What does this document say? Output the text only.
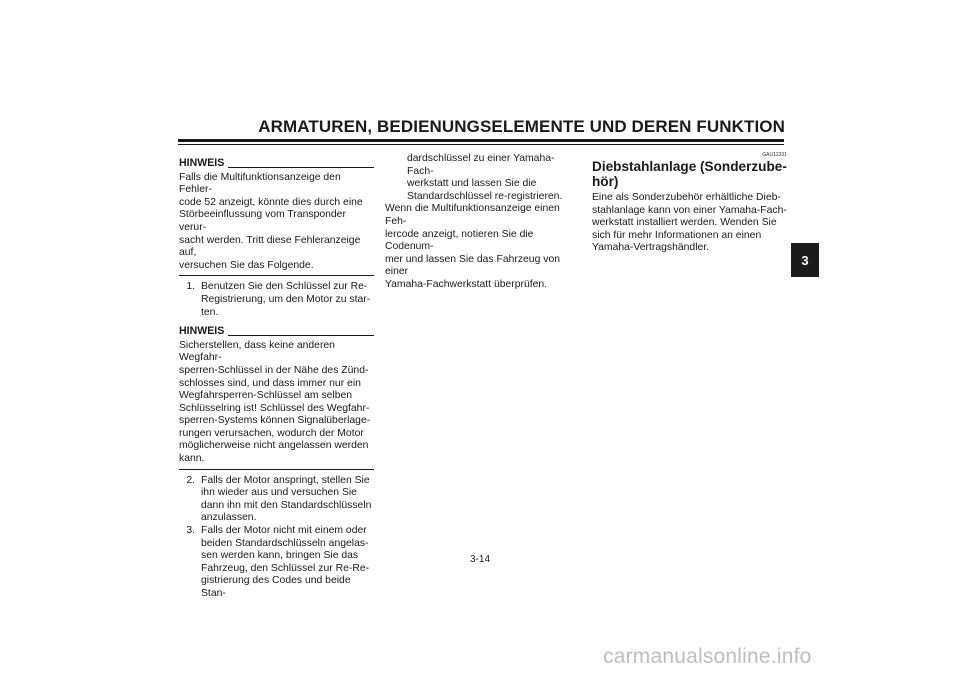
ARMATUREN, BEDIENUNGSELEMENTE UND DEREN FUNKTION
HINWEIS

Falls die Multifunktionsanzeige den Fehler-

code 52 anzeigt, könnte dies durch eine

Störbeeinflussung vom Transponder verur-

sacht werden. Tritt diese Fehleranzeige auf,

versuchen Sie das Folgende.

1. Benutzen Sie den Schlüssel zur Re-
Registrierung, um den Motor zu star-
ten.
HINWEIS

Sicherstellen, dass keine anderen Wegfahr-

sperren-Schlüssel in der Nähe des Zünd-

schlosses sind, und dass immer nur ein

Wegfahrsperren-Schlüssel am selben

Schlüsselring ist! Schlüssel des Wegfahr-

sperren-Systems können Signalüberlage-

rungen verursachen, wodurch der Motor

möglicherweise nicht angelassen werden

kann.

2. Falls der Motor anspringt, stellen Sie
ihn wieder aus und versuchen Sie
dann ihn mit den Standardschlüsseln
anzulassen.
3. Falls der Motor nicht mit einem oder
beiden Standardschlüsseln angelas-
sen werden kann, bringen Sie das
Fahrzeug, den Schlüssel zur Re-Re-
gistrierung des Codes und beide Stan-
dardschlüssel zu einer Yamaha-Fach-
werkstatt und lassen Sie die
Standardschlüssel re-registrieren.

Wenn die Multifunktionsanzeige einen Feh-

lercode anzeigt, notieren Sie die Codenum-

mer und lassen Sie das Fahrzeug von einer

Yamaha-Fachwerkstatt überprüfen.

GAU12331
Diebstahlanlage (Sonderzube-
hör)

Eine als Sonderzubehör erhältliche Dieb-

stahlanlage kann von einer Yamaha-Fach-

werkstatt installiert werden. Wenden Sie

sich für mehr Informationen an einen

Yamaha-Vertragshändler.

3
3-14
carmanualsonline.info
